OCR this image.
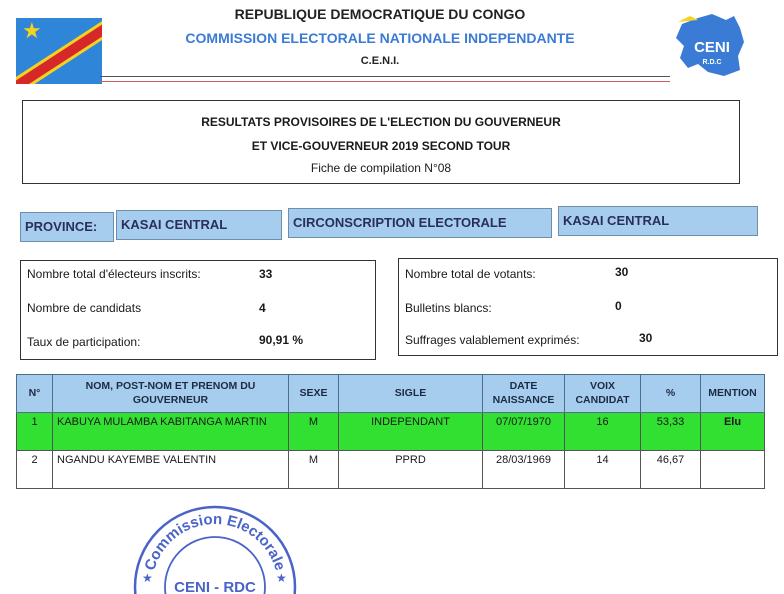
★
REPUBLIQUE DEMOCRATIQUE DU CONGO
COMMISSION ELECTORALE NATIONALE INDEPENDANTE
C.E.N.I.
CENI
R.D.C
RESULTATS PROVISOIRES DE L'ELECTION DU GOUVERNEUR
ET VICE-GOUVERNEUR 2019 SECOND TOUR
Fiche de compilation N°08
PROVINCE:	KASAI CENTRAL	CIRCONSCRIPTION ELECTORALE	KASAI CENTRAL
Nombre total d'électeurs inscrits:	33
Nombre de candidats	4
Taux de participation:	90,91 %
Nombre total de votants:	30
Bulletins blancs:	0
Suffrages valablement exprimés:	30
N°	NOM, POST-NOM ET PRENOM DU GOUVERNEUR	SEXE	SIGLE	DATE NAISSANCE	VOIX CANDIDAT	%	MENTION
1	KABUYA MULAMBA KABITANGA MARTIN	M	INDEPENDANT	07/07/1970	16	53,33	Elu
2	NGANDU KAYEMBE VALENTIN	M	PPRD	28/03/1969	14	46,67	
Commission Electorale
★	★
CENI - RDC
